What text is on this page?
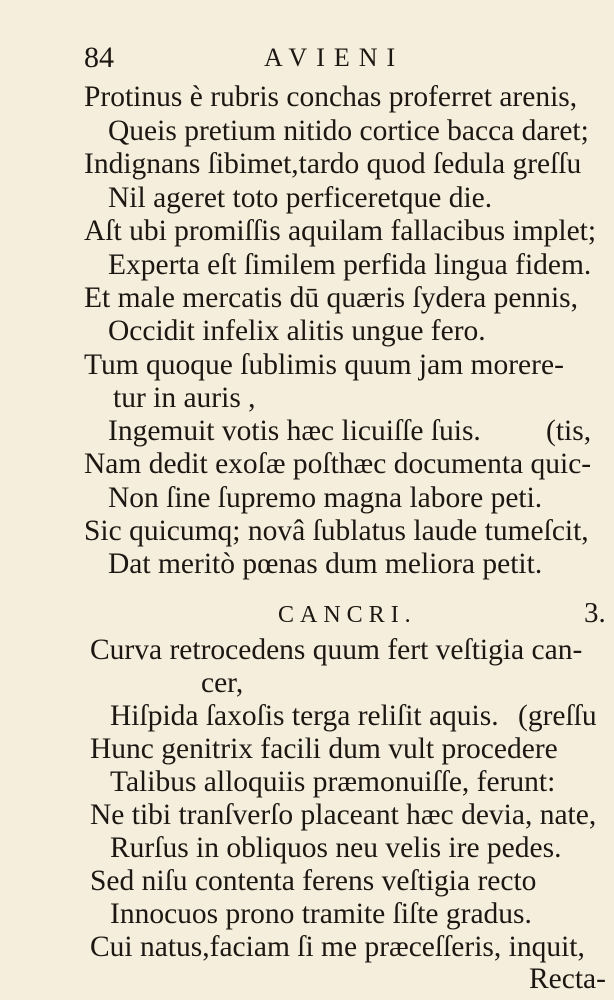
84	AVIENI
Protinus è rubris conchas proferret arenis,
Queis pretium nitido cortice bacca daret;
Indignans ſibimet,tardo quod ſedula greſſu
Nil ageret toto perficeretque die.
Aſt ubi promiſſis aquilam fallacibus implet;
Experta eſt ſimilem perfida lingua fidem.
Et male mercatis dū quæris ſydera pennis,
Occidit infelix alitis ungue fero.
Tum quoque ſublimis quum jam morere-
tur in auris ,
Ingemuit votis hæc licuiſſe ſuis. (tis,
Nam dedit exoſæ poſthæc documenta quic-
Non ſine ſupremo magna labore peti.
Sic quicumq; novâ ſublatus laude tumeſcit,
Dat meritò pœnas dum meliora petit.
CANCRI.	3.
Curva retrocedens quum fert veſtigia can-
cer,
Hiſpida ſaxoſis terga reliſit aquis. (greſſu
Hunc genitrix facili dum vult procedere
Talibus alloquiis præmonuiſſe, ferunt:
Ne tibi tranſverſo placeant hæc devia, nate,
Rurſus in obliquos neu velis ire pedes.
Sed niſu contenta ferens veſtigia recto
Innocuos prono tramite ſiſte gradus.
Cui natus,faciam ſi me præceſſeris, inquit,
Recta-
